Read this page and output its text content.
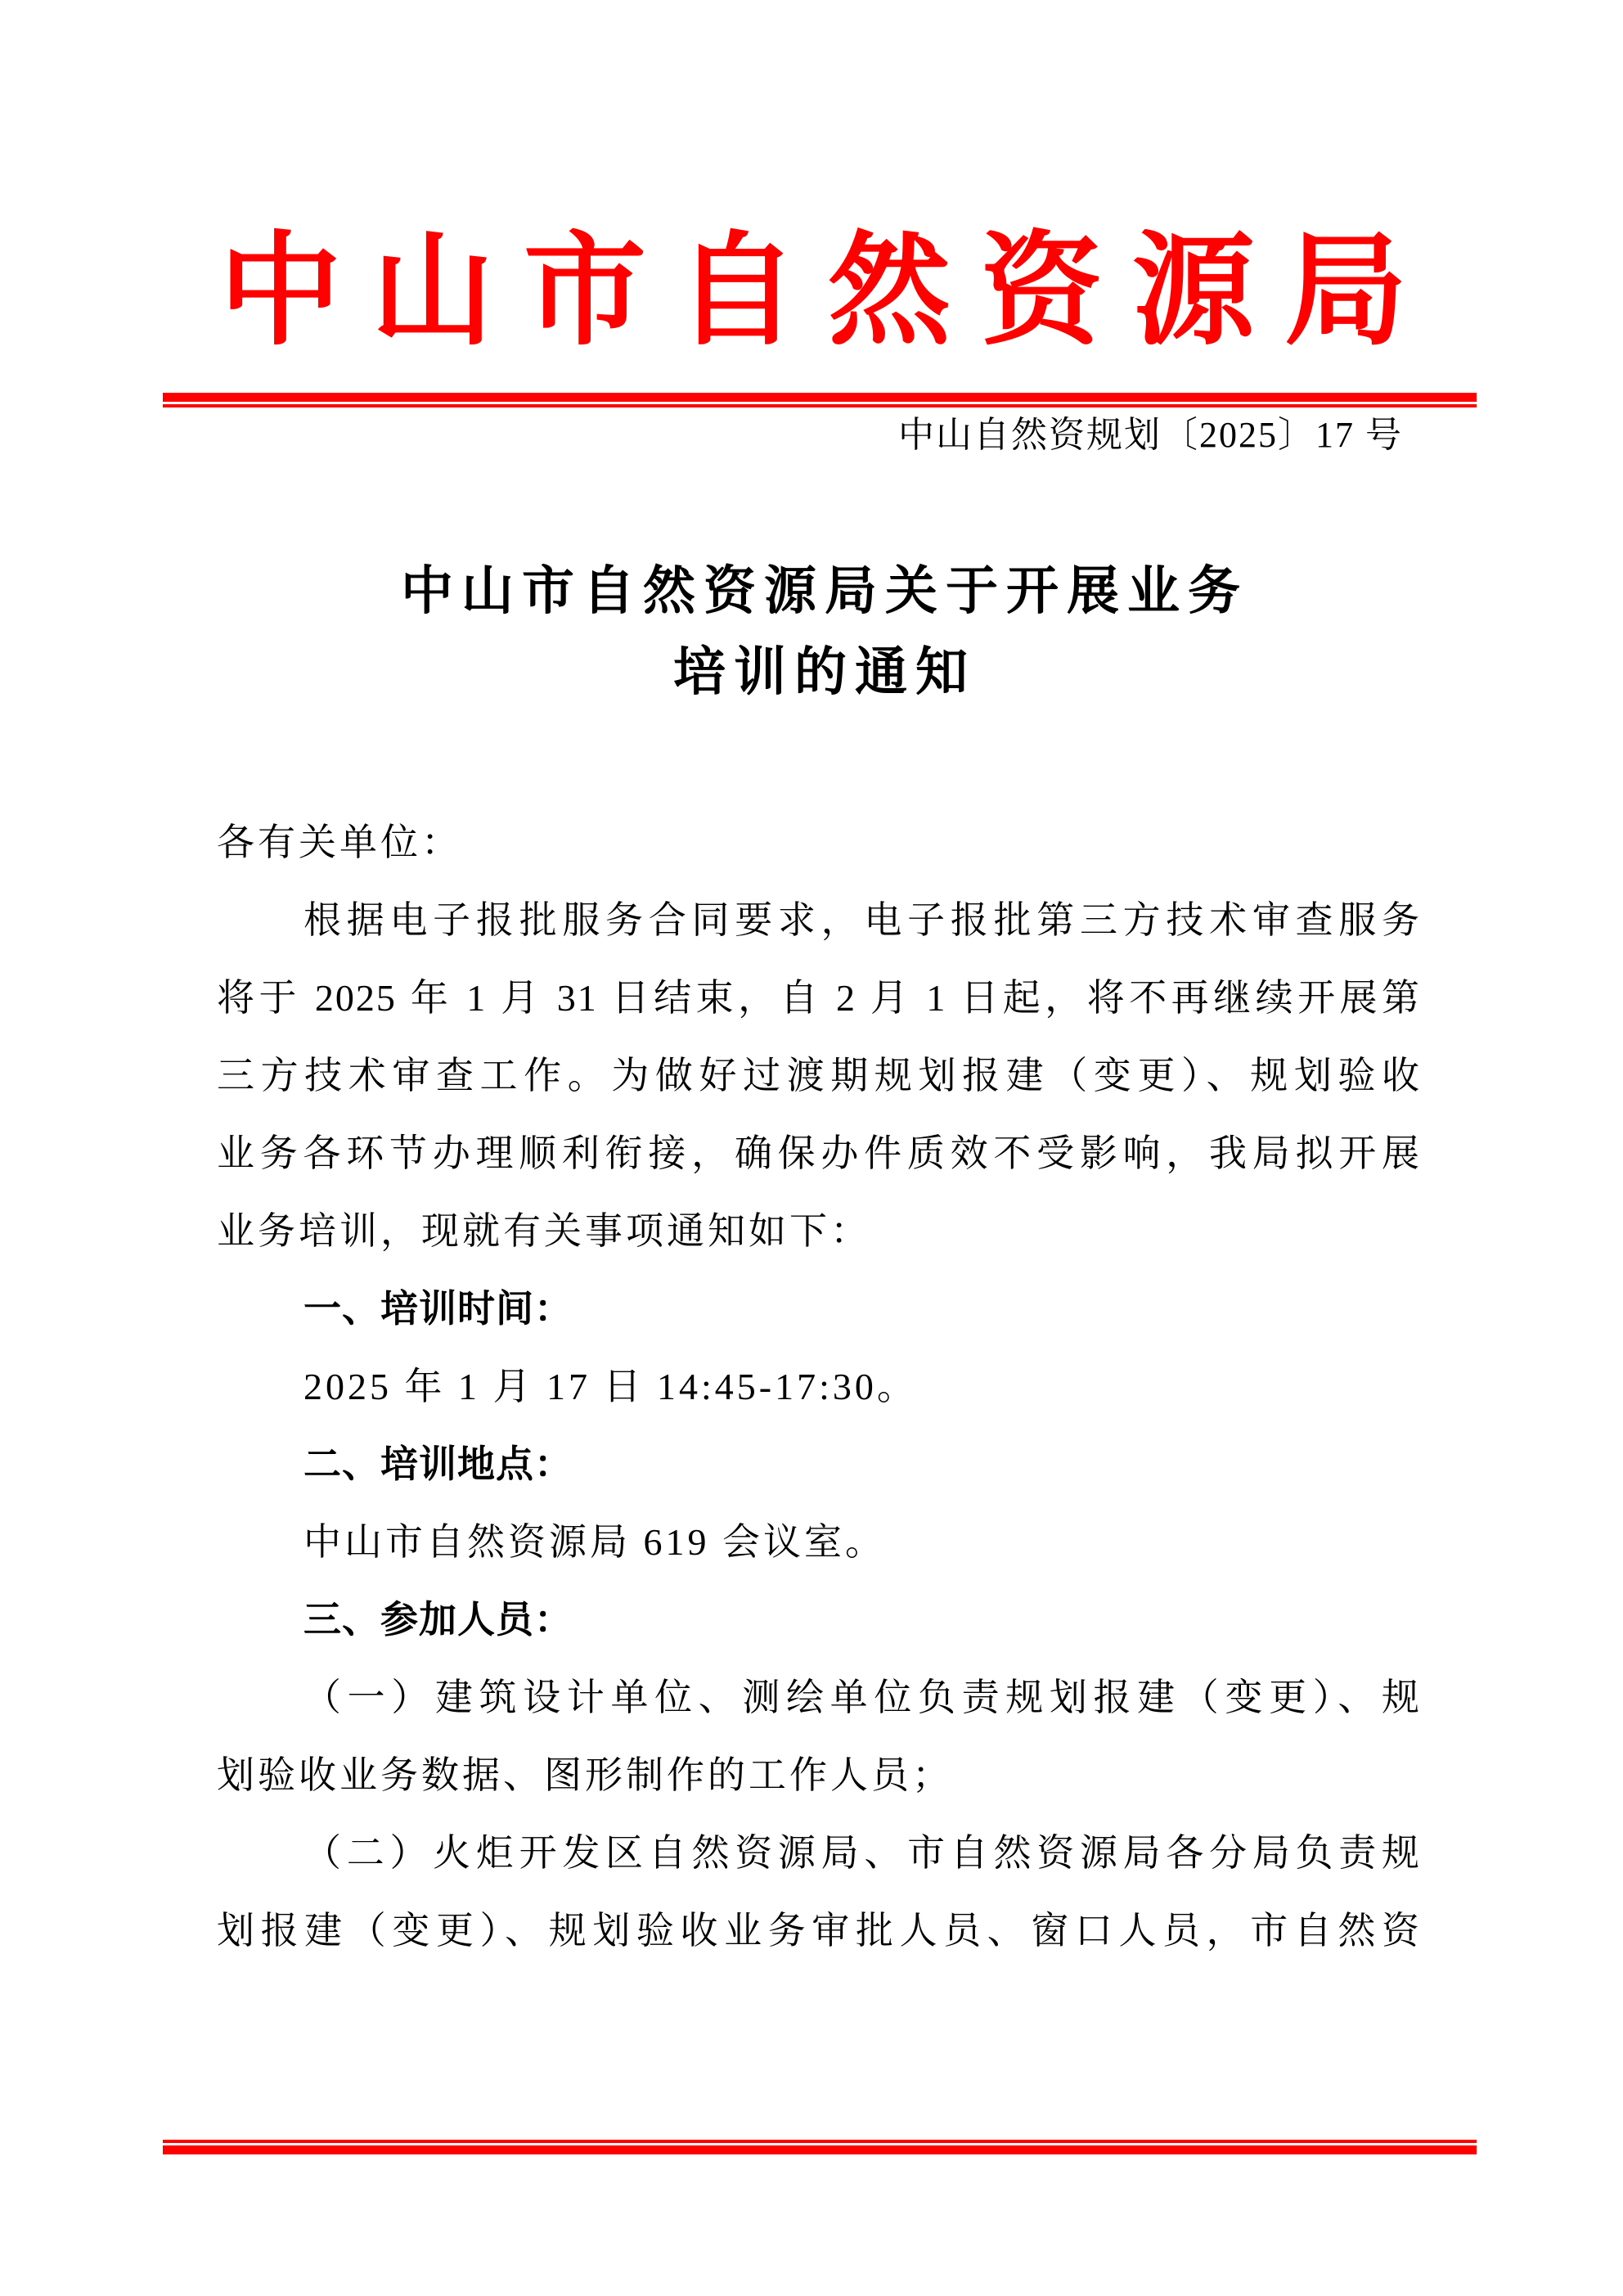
中山市自然资源局
中山自然资规划〔2025〕17 号
中山市自然资源局关于开展业务
培训的通知
各有关单位：
根据电子报批服务合同要求，电子报批第三方技术审查服务
将于 2025 年 1 月 31 日结束，自 2 月 1 日起，将不再继续开展第
三方技术审查工作。为做好过渡期规划报建（变更）、规划验收
业务各环节办理顺利衔接，确保办件质效不受影响，我局拟开展
业务培训，现就有关事项通知如下：
一、培训时间：
2025 年 1 月 17 日 14:45-17:30。
二、培训地点：
中山市自然资源局 619 会议室。
三、参加人员：
（一）建筑设计单位、测绘单位负责规划报建（变更）、规
划验收业务数据、图形制作的工作人员；
（二）火炬开发区自然资源局、市自然资源局各分局负责规
划报建（变更）、规划验收业务审批人员、窗口人员，市自然资
